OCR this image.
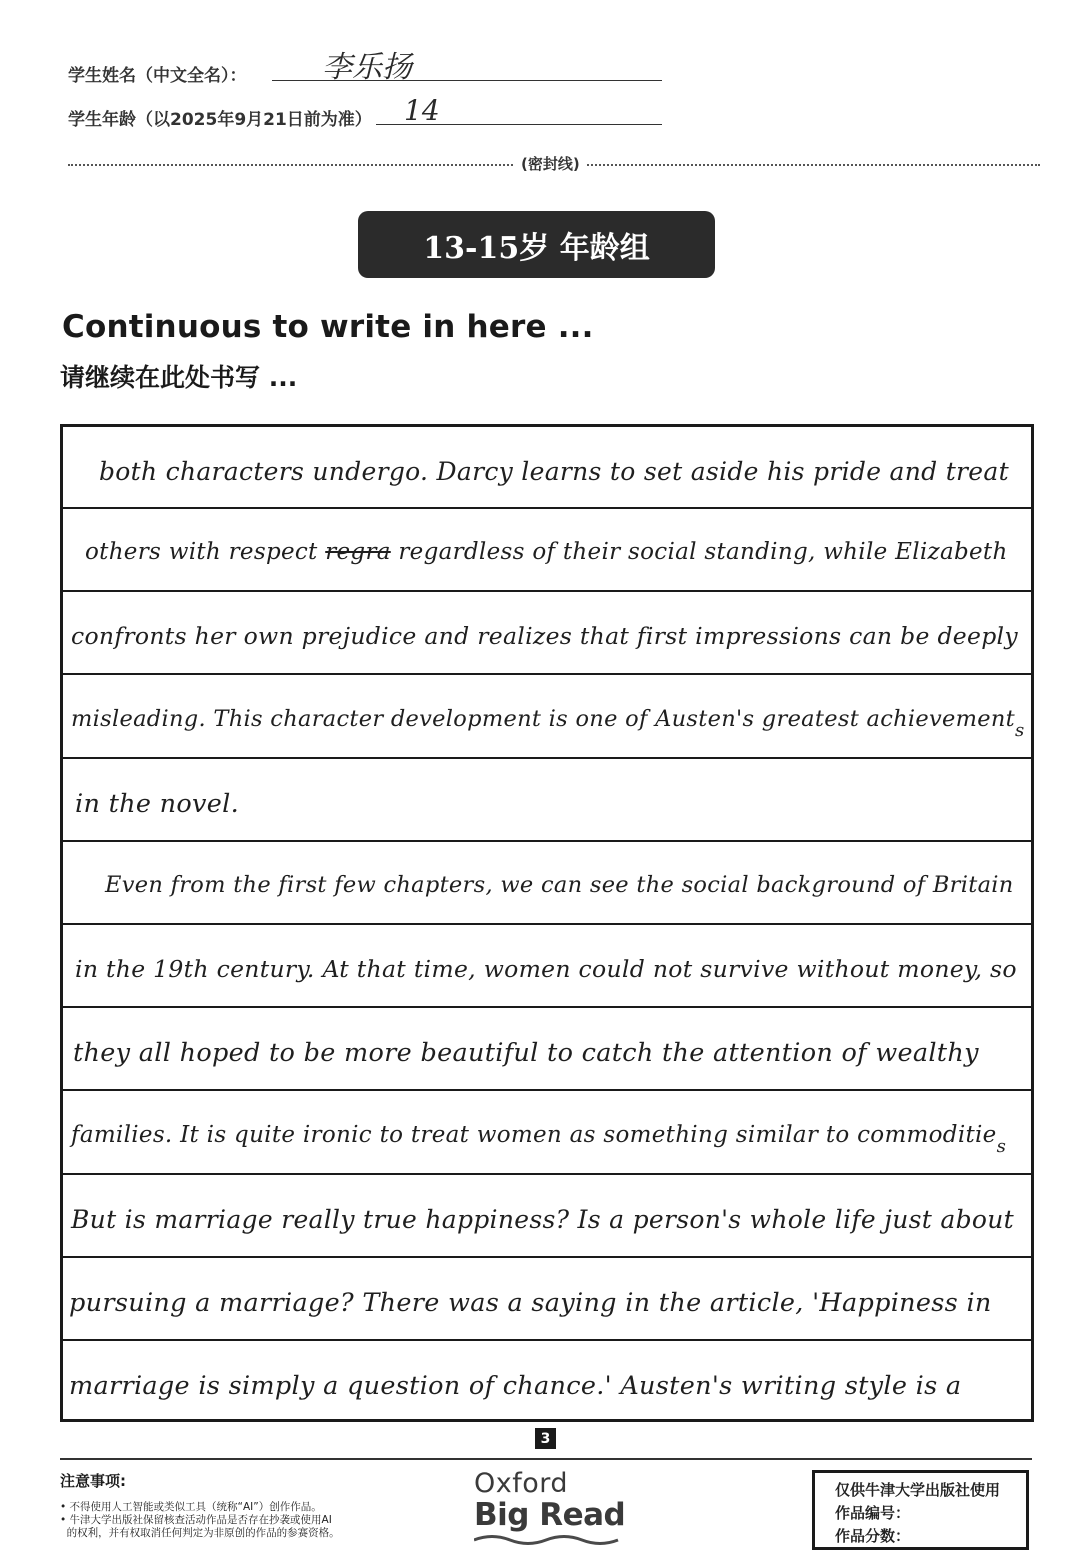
学生姓名（中文全名）：	李乐扬
学生年龄（以2025年9月21日前为准） 14
(密封线)
13-15岁 年龄组
Continuous to write in here ...
请继续在此处书写 ...
both characters undergo. Darcy learns to set aside his pride and treat
others with respect regra regardless of their social standing, while Elizabeth
confronts her own prejudice and realizes that first impressions can be deeply
misleading. This character development is one of Austen's greatest achievement$_s$
in the novel.
Even from the first few chapters, we can see the social background of Britain
in the 19th century. At that time, women could not survive without money, so
they all hoped to be more beautiful to catch the attention of wealthy
families. It is quite ironic to treat women as something similar to commoditie$_s$
But is marriage really true happiness? Is a person's whole life just about
pursuing a marriage? There was a saying in the article, 'Happiness in
marriage is simply a question of chance.' Austen's writing style is a
3
注意事项:
• 不得使用人工智能或类似工具（统称“AI”）创作作品。
• 牛津大学出版社保留核查活动作品是否存在抄袭或使用AI
的权利，并有权取消任何判定为非原创的作品的参赛资格。
Oxford
Big Read
仅供牛津大学出版社使用
作品编号：
作品分数：
